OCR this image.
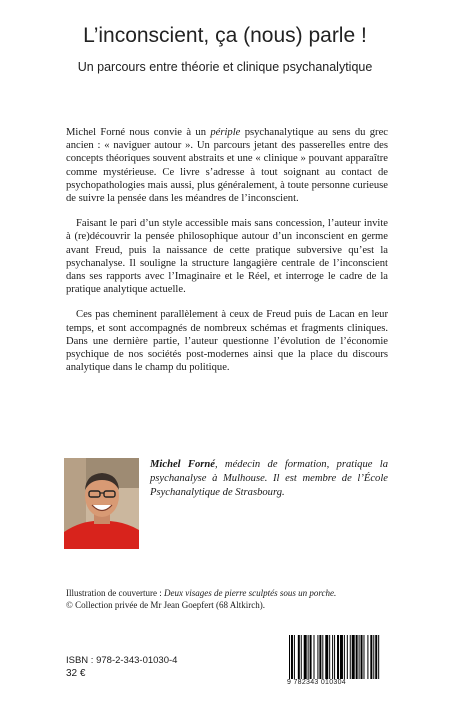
L’inconscient, ça (nous) parle !
Un parcours entre théorie et clinique psychanalytique

Michel Forné nous convie à un périple psychanalytique au sens du grec ancien : « naviguer autour ». Un parcours jetant des passerelles entre des concepts théoriques souvent abstraits et une « clinique » pouvant apparaître comme mystérieuse. Ce livre s’adresse à tout soignant au contact de psychopathologies mais aussi, plus généralement, à toute personne curieuse de suivre la pensée dans les méandres de l’inconscient.

Faisant le pari d’un style accessible mais sans concession, l’auteur invite à (re)découvrir la pensée philosophique autour d’un inconscient en germe avant Freud, puis la naissance de cette pratique subversive qu’est la psychanalyse. Il souligne la structure langagière centrale de l’inconscient dans ses rapports avec l’Imaginaire et le Réel, et interroge le cadre de la pratique analytique actuelle.

Ces pas cheminent parallèlement à ceux de Freud puis de Lacan en leur temps, et sont accompagnés de nombreux schémas et fragments cliniques. Dans une dernière partie, l’auteur questionne l’évolution de l’économie psychique de nos sociétés post-modernes ainsi que la place du discours analytique dans le champ du politique.

Michel Forné, médecin de formation, pratique la psychanalyse à Mulhouse. Il est membre de l’École Psychanalytique de Strasbourg.
Illustration de couverture : Deux visages de pierre sculptés sous un porche.
© Collection privée de Mr Jean Goepfert (68 Altkirch).
ISBN : 978-2-343-01030-4
32 €
9 782343 010304
